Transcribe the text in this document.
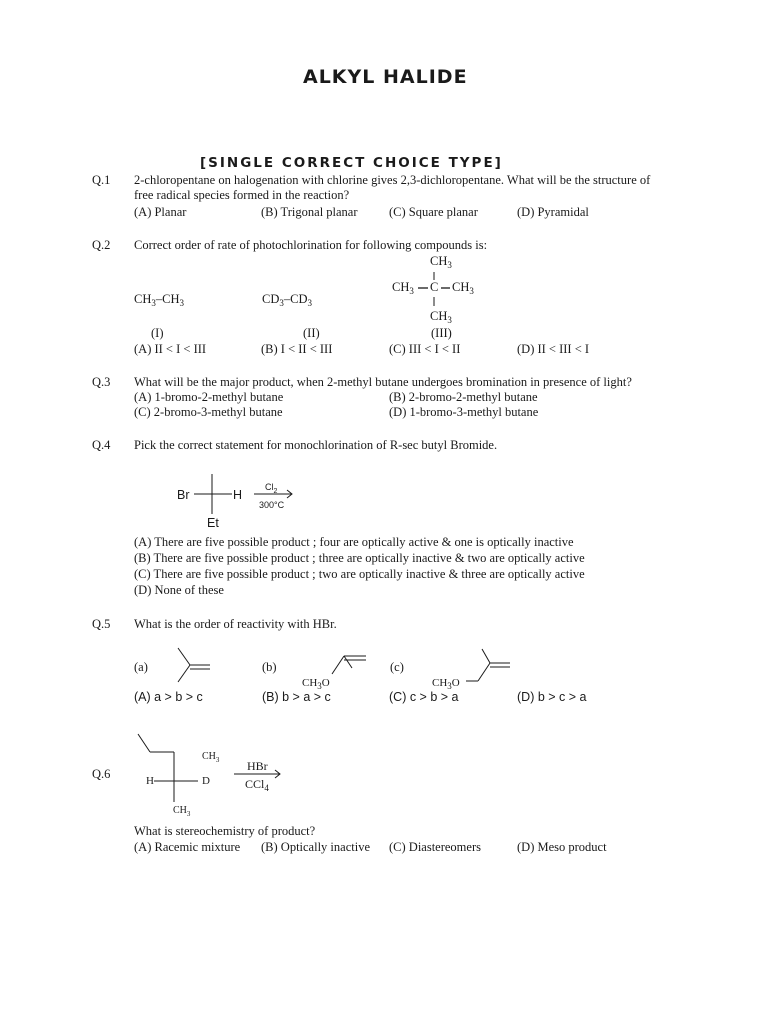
ALKYL HALIDE
[SINGLE CORRECT CHOICE TYPE]
Q.1 2-chloropentane on halogenation with chlorine gives 2,3-dichloropentane. What will be the structure of
free radical species formed in the reaction?
(A) Planar	(B) Trigonal planar	(C) Square planar	(D) Pyramidal
Q.2 Correct order of rate of photochlorination for following compounds is:
$CH_3-CH_3$	$CD_3-CD_3$
$CH_3$
$CH_3$ C $CH_3$
$CH_3$
(I)	(II)	(III)
(A) II < I < III	(B) I < II < III	(C) III < I < II	(D) II < III < I
Q.3 What will be the major product, when 2-methyl butane undergoes bromination in presence of light?
(A) 1-bromo-2-methyl butane	(B) 2-bromo-2-methyl butane
(C) 2-bromo-3-methyl butane	(D) 1-bromo-3-methyl butane
Q.4 Pick the correct statement for monochlorination of R-sec butyl Bromide.
Br	H
Et
$Cl_2$
300°C
(A) There are five possible product ; four are optically active & one is optically inactive
(B) There are five possible product ; three are optically inactive & two are optically active
(C) There are five possible product ; two are optically inactive & three are optically active
(D) None of these
Q.5 What is the order of reactivity with HBr.
(a)	(b)	(c)
$CH_3O$	$CH_3O$
(A) a > b > c	(B) b > a > c	(C) c > b > a	(D) b > c > a
Q.6
$CH_3$
H	D
$CH_3$
HBr
CCl$_4$
What is stereochemistry of product?
(A) Racemic mixture (B) Optically inactive (C) Diastereomers	(D) Meso product
